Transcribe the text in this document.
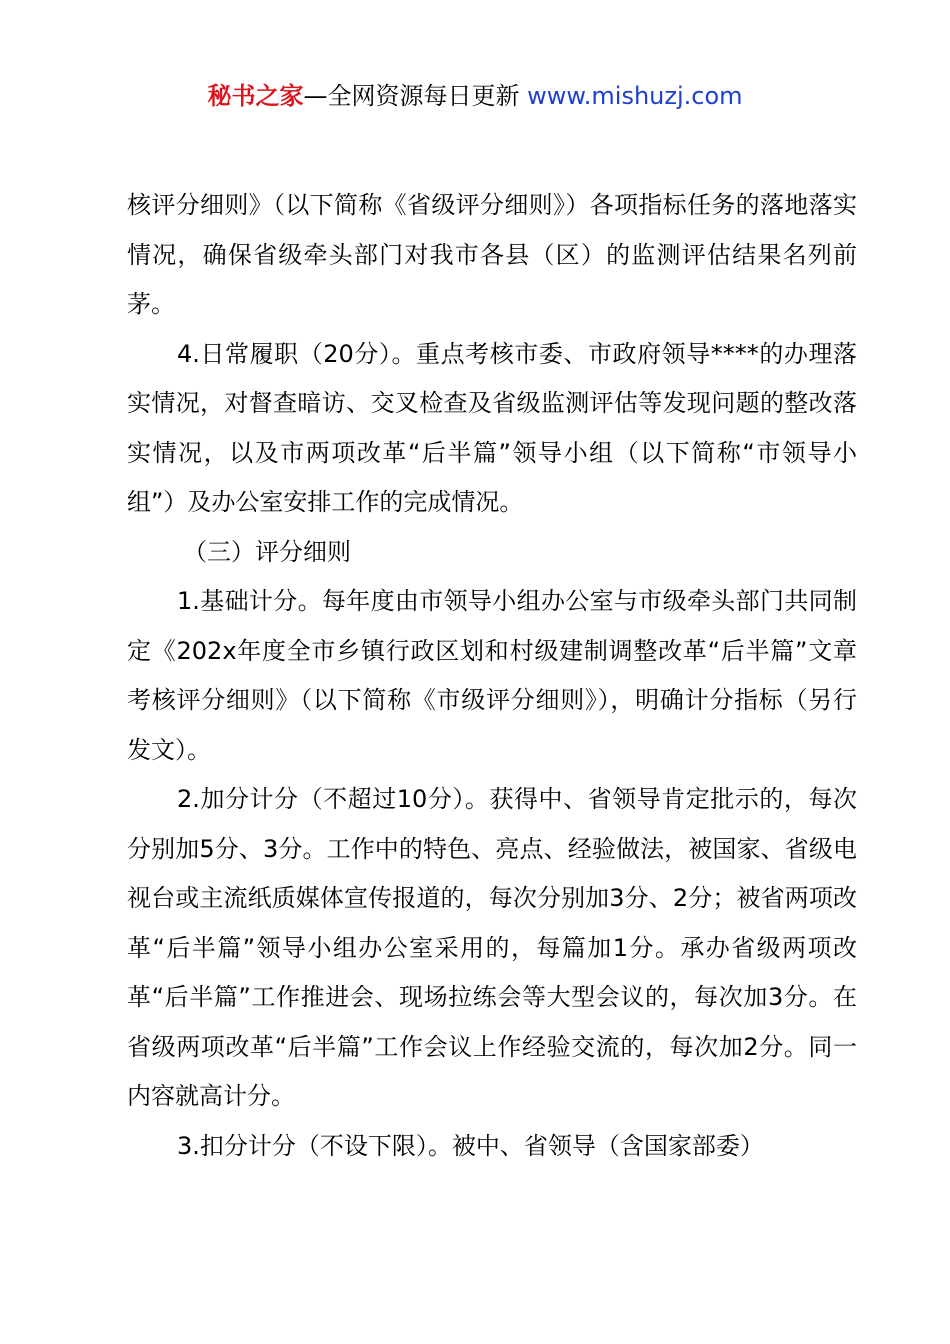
秘书之家—全网资源每日更新 www.mishuzj.com

核评分细则》（以下简称《省级评分细则》）各项指标任务的落地落实情况，确保省级牵头部门对我市各县（区）的监测评估结果名列前茅。

4.日常履职（20分）。重点考核市委、市政府领导****的办理落实情况，对督查暗访、交叉检查及省级监测评估等发现问题的整改落实情况，以及市两项改革“后半篇”领导小组（以下简称“市领导小组”）及办公室安排工作的完成情况。

（三）评分细则

1.基础计分。每年度由市领导小组办公室与市级牵头部门共同制定《202x年度全市乡镇行政区划和村级建制调整改革“后半篇”文章考核评分细则》（以下简称《市级评分细则》），明确计分指标（另行发文）。

2.加分计分（不超过10分）。获得中、省领导肯定批示的，每次分别加5分、3分。工作中的特色、亮点、经验做法，被国家、省级电视台或主流纸质媒体宣传报道的，每次分别加3分、2分；被省两项改革“后半篇”领导小组办公室采用的，每篇加1分。承办省级两项改革“后半篇”工作推进会、现场拉练会等大型会议的，每次加3分。在省级两项改革“后半篇”工作会议上作经验交流的，每次加2分。同一内容就高计分。

3.扣分计分（不设下限）。被中、省领导（含国家部委）
